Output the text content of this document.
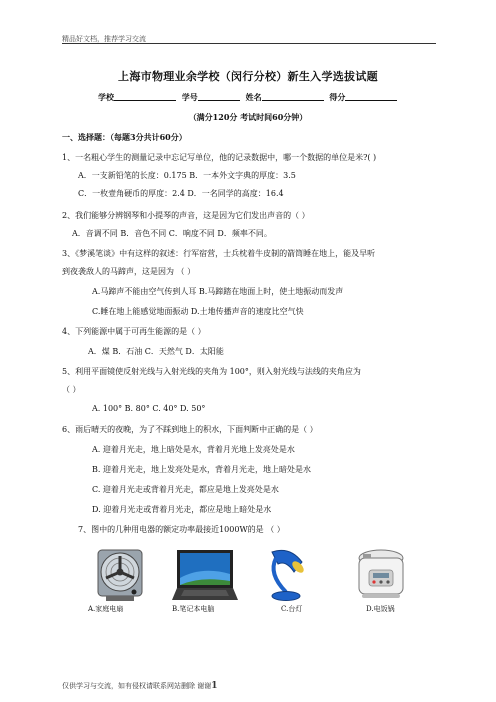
精品好文档，推荐学习交流
上海市物理业余学校（闵行分校）新生入学选拔试题
学校	学号	姓名	得分
（满分120分 考试时间60分钟）
一、选择题：（每题3分共计60分）
1、一名粗心学生的测量记录中忘记写单位，他的记录数据中，哪一个数据的单位是米?( )
A．一支新铅笔的长度：0.175 B．一本外文字典的厚度：3.5
C．一枚壹角硬币的厚度：2.4 D．一名同学的高度：16.4
2、我们能够分辨钢琴和小提琴的声音，这是因为它们发出声音的（ ）
A．音调不同 B．音色不同 C．响度不同 D．频率不同。
3、《梦溪笔谈》中有这样的叙述：行军宿营，士兵枕着牛皮制的箭筒睡在地上，能及早听
到夜袭敌人的马蹄声，这是因为 （ ）
A.马蹄声不能由空气传到人耳 B.马蹄踏在地面上时，使土地振动而发声
C.睡在地上能感觉地面振动 D.土地传播声音的速度比空气快
4、下列能源中属于可再生能源的是（ ）
A．煤 B．石油 C．天然气 D．太阳能
5、利用平面镜使反射光线与入射光线的夹角为 100°，则入射光线与法线的夹角应为
（ ）
A. 100° B. 80° C. 40° D. 50°
6、雨后晴天的夜晚，为了不踩到地上的积水，下面判断中正确的是（ ）
A. 迎着月光走，地上暗处是水，背着月光地上发亮处是水
B. 迎着月光走，地上发亮处是水，背着月光走，地上暗处是水
C. 迎着月光走或背着月光走，都应是地上发亮处是水
D. 迎着月光走或背着月光走，都应是地上暗处是水
7、图中的几种用电器的额定功率最接近1000W的是 （ ）
A.家庭电扇	B.笔记本电脑	C.台灯	D.电饭锅
仅供学习与交流，如有侵权请联系网站删除 谢谢1
